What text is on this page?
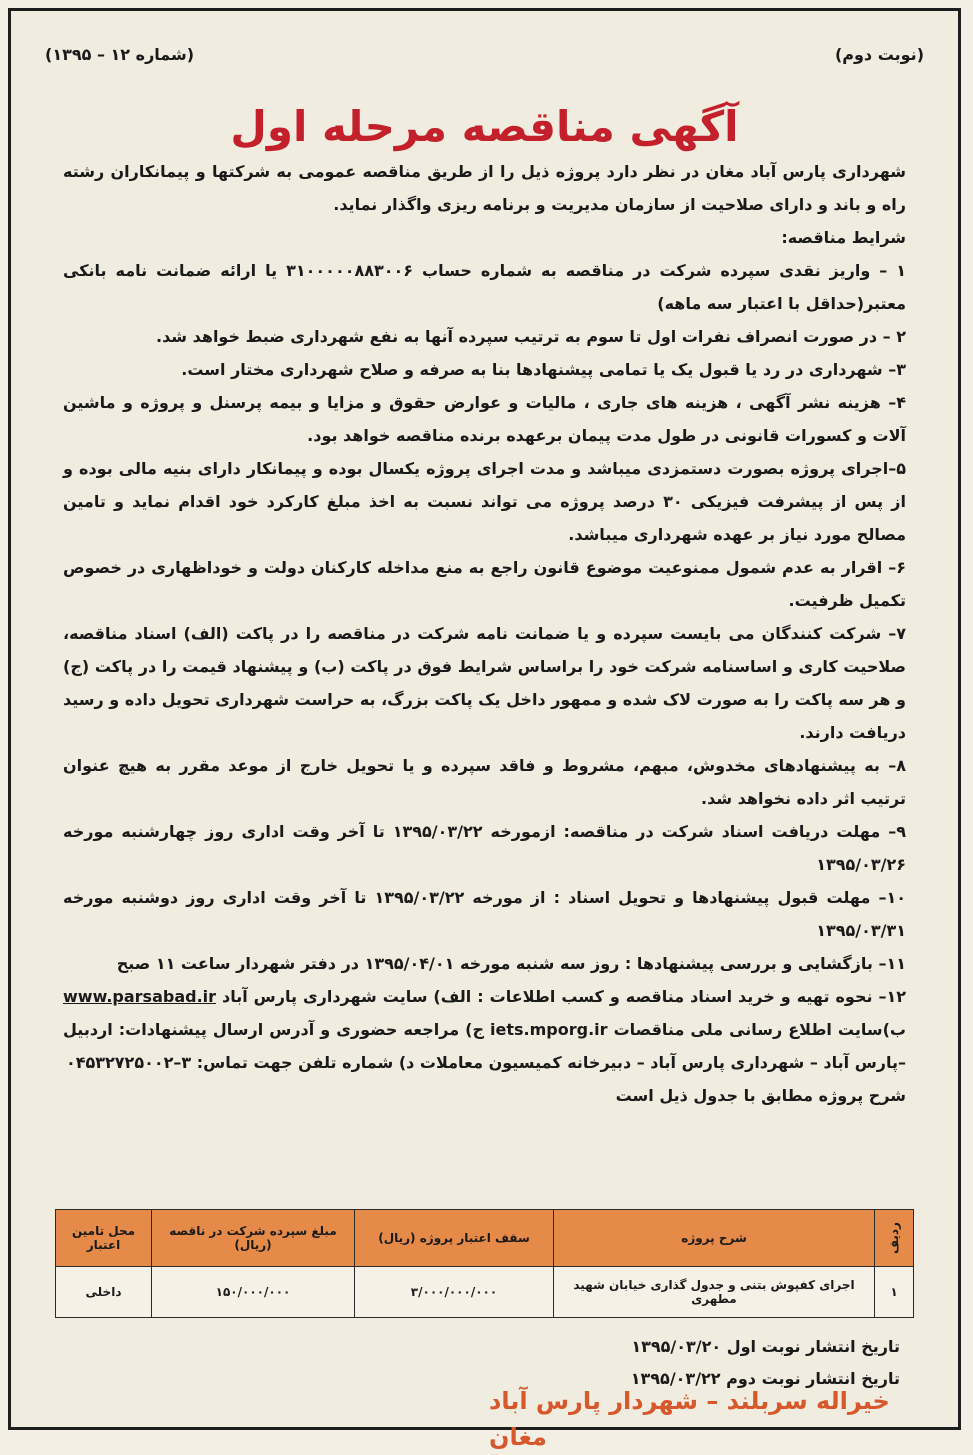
(نوبت دوم)
(شماره ۱۲ – ۱۳۹۵)
آگهی مناقصه مرحله اول

شهرداری پارس آباد مغان در نظر دارد پروژه ذیل را از طریق مناقصه عمومی به شرکتها و پیمانکاران رشته راه و باند و دارای صلاحیت از سازمان مدیریت و برنامه ریزی واگذار نماید.

شرایط مناقصه:

۱ – واریز نقدی سپرده شرکت در مناقصه به شماره حساب ۳۱۰۰۰۰۰۸۸۳۰۰۶ یا ارائه ضمانت نامه بانکی معتبر(حداقل با اعتبار سه ماهه)

۲ – در صورت انصراف نفرات اول تا سوم به ترتیب سپرده آنها به نفع شهرداری ضبط خواهد شد.

۳– شهرداری در رد یا قبول یک یا تمامی پیشنهادها بنا به صرفه و صلاح شهرداری مختار است.

۴– هزینه نشر آگهی ، هزینه های جاری ، مالیات و عوارض حقوق و مزایا و بیمه پرسنل و پروژه و ماشین آلات و کسورات قانونی در طول مدت پیمان برعهده برنده مناقصه خواهد بود.

۵–اجرای پروژه بصورت دستمزدی میباشد و مدت اجرای پروژه یکسال بوده و پیمانکار دارای بنیه مالی بوده و از پس از پیشرفت فیزیکی ۳۰ درصد پروژه می تواند نسبت به اخذ مبلغ کارکرد خود اقدام نماید و تامین مصالح مورد نیاز بر عهده شهرداری میباشد.

۶– اقرار به عدم شمول ممنوعیت موضوع قانون راجع به منع مداخله کارکنان دولت و خوداظهاری در خصوص تکمیل ظرفیت.

۷– شرکت کنندگان می بایست سپرده و یا ضمانت نامه شرکت در مناقصه را در پاکت (الف) اسناد مناقصه، صلاحیت کاری و اساسنامه شرکت خود را براساس شرایط فوق در پاکت (ب) و پیشنهاد قیمت را در پاکت (ج) و هر سه پاکت را به صورت لاک شده و ممهور داخل یک پاکت بزرگ، به حراست شهرداری تحویل داده و رسید دریافت دارند.

۸– به پیشنهادهای مخدوش، مبهم، مشروط و فاقد سپرده و یا تحویل خارج از موعد مقرر به هیچ عنوان ترتیب اثر داده نخواهد شد.

۹– مهلت دریافت اسناد شرکت در مناقصه: ازمورخه ۱۳۹۵/۰۳/۲۲ تا آخر وقت اداری روز چهارشنبه مورخه ۱۳۹۵/۰۳/۲۶

۱۰– مهلت قبول پیشنهادها و تحویل اسناد : از مورخه ۱۳۹۵/۰۳/۲۲ تا آخر وقت اداری روز دوشنبه مورخه ۱۳۹۵/۰۳/۳۱

۱۱– بازگشایی و بررسی پیشنهادها : روز سه شنبه مورخه ۱۳۹۵/۰۴/۰۱ در دفتر شهردار ساعت ۱۱ صبح

۱۲– نحوه تهیه و خرید اسناد مناقصه و کسب اطلاعات : الف) سایت شهرداری پارس آباد www.parsabad.ir ب)سایت اطلاع رسانی ملی مناقصات iets.mporg.ir ج) مراجعه حضوری و آدرس ارسال پیشنهادات: اردبیل –پارس آباد – شهرداری پارس آباد – دبیرخانه کمیسیون معاملات د) شماره تلفن جهت تماس: ۳–۰۴۵۳۲۷۲۵۰۰۲

شرح پروژه مطابق با جدول ذیل است

ردیف	شرح پروژه	سقف اعتبار پروژه (ریال)	مبلغ سپرده شرکت در ناقصه (ریال)	محل تامین اعتبار
۱	اجرای کفپوش بتنی و جدول گذاری خیابان شهید مطهری	۳/۰۰۰/۰۰۰/۰۰۰	۱۵۰/۰۰۰/۰۰۰	داخلی
تاریخ انتشار نوبت اول ۱۳۹۵/۰۳/۲۰
تاریخ انتشار نوبت دوم ۱۳۹۵/۰۳/۲۲
خیراله سربلند – شهردار پارس آباد مغان
